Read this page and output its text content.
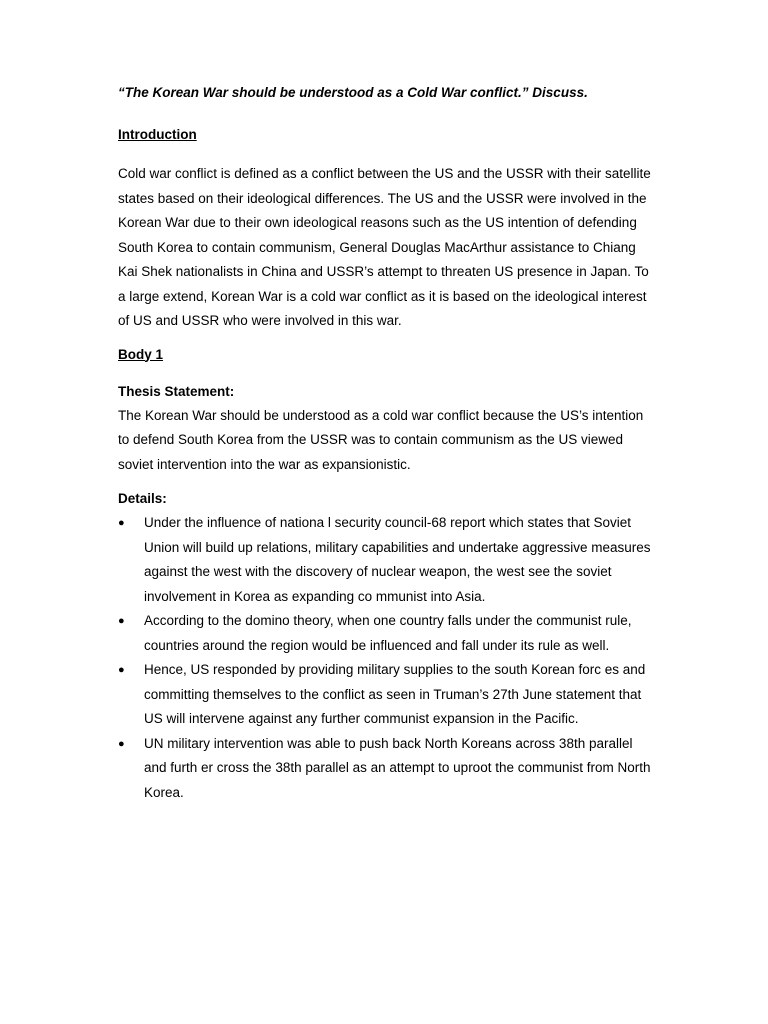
“The Korean War should be understood as a Cold War conflict.” Discuss.

Introduction

Cold war conflict is defined as a conflict between the US and the USSR with their satellite states based on their ideological differences. The US and the USSR were involved in the Korean War due to their own ideological reasons such as the US intention of defending South Korea to contain communism, General Douglas MacArthur assistance to Chiang Kai Shek nationalists in China and USSR’s attempt to threaten US presence in Japan. To a large extend, Korean War is a cold war conflict as it is based on the ideological interest of US and USSR who were involved in this war.

Body 1

Thesis Statement:

The Korean War should be understood as a cold war conflict because the US’s intention to defend South Korea from the USSR was to contain communism as the US viewed soviet intervention into the war as expansionistic.

Details:

● Under the influence of nationa l security council-68 report which states that Soviet Union will build up relations, military capabilities and undertake aggressive measures against the west with the discovery of nuclear weapon, the west see the soviet involvement in Korea as expanding co mmunist into Asia.
● According to the domino theory, when one country falls under the communist rule, countries around the region would be influenced and fall under its rule as well.
● Hence, US responded by providing military supplies to the south Korean forc es and committing themselves to the conflict as seen in Truman’s 27th June statement that US will intervene against any further communist expansion in the Pacific.
● UN military intervention was able to push back North Koreans across 38th parallel and furth er cross the 38th parallel as an attempt to uproot the communist from North Korea.
